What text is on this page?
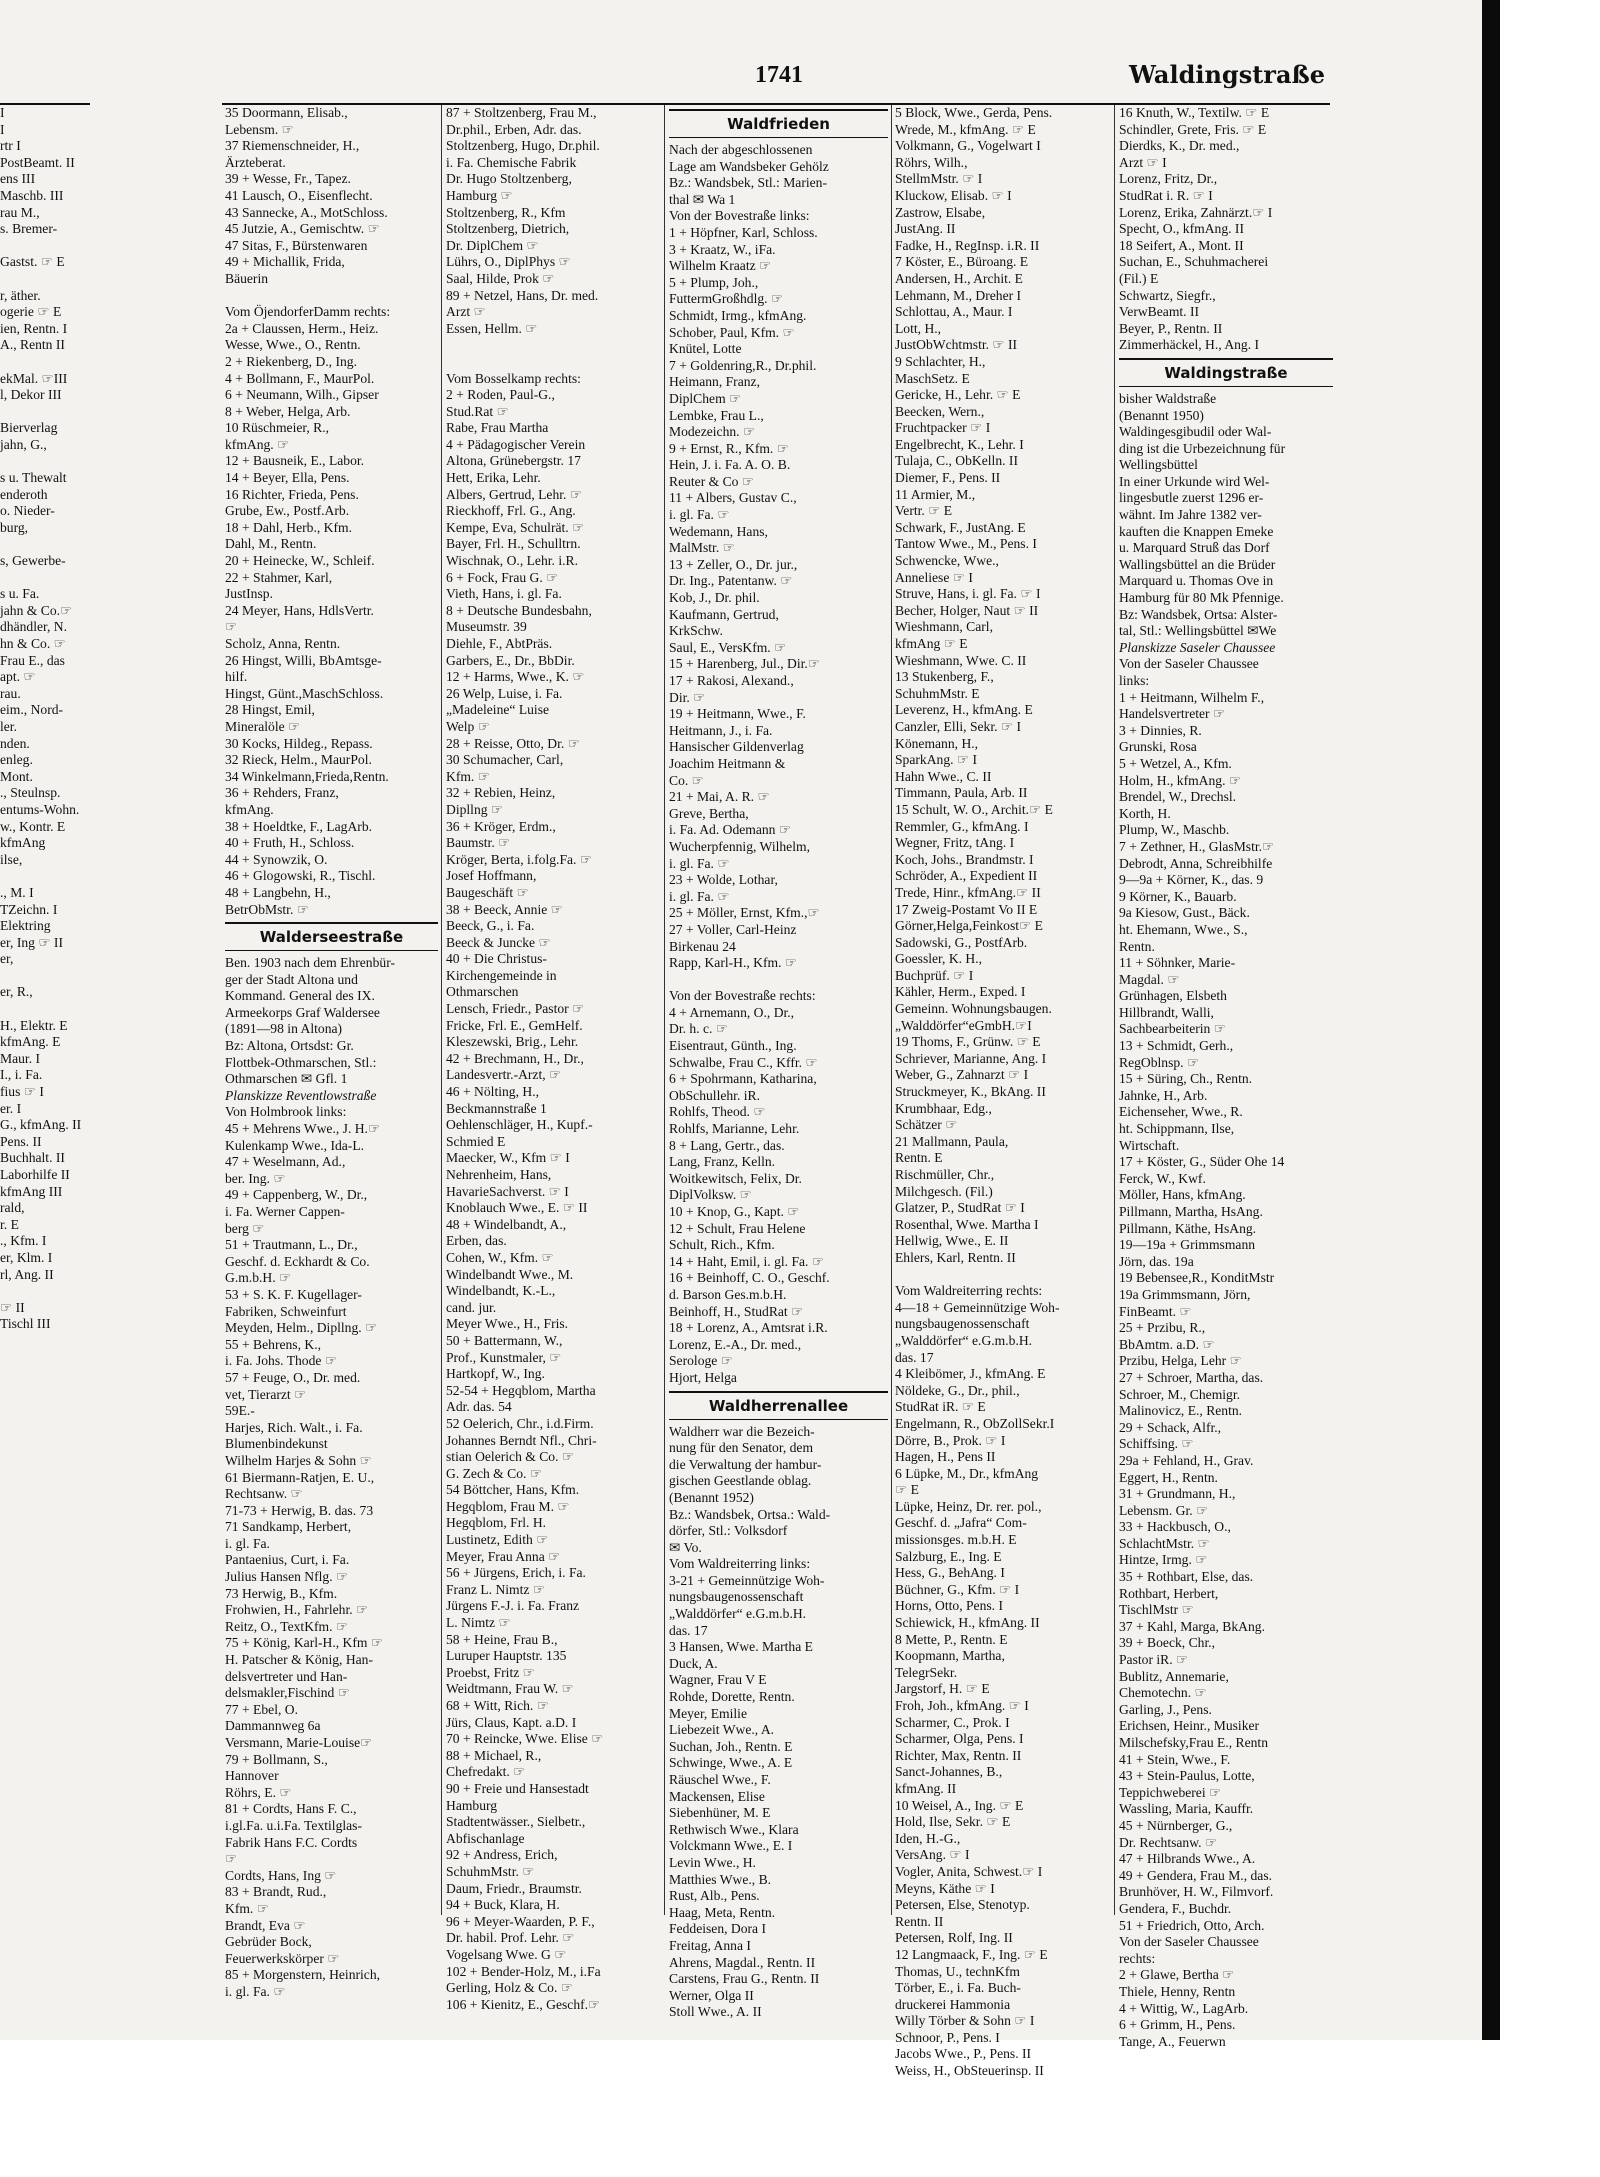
1741	Waldingstraße
I
I
rtr I
PostBeamt. II
ens III
Maschb. III
rau M.,
s. Bremer-
Gastst. ☞ E
r, äther.
ogerie ☞ E
ien, Rentn. I
A., Rentn II
ekMal. ☞III
l, Dekor III
Bierverlag
jahn, G.,
s u. Thewalt
enderoth
o. Nieder-
burg,
s, Gewerbe-
s u. Fa.
jahn & Co.☞
dhändler, N.
hn & Co. ☞
Frau E., das
apt. ☞
rau.
eim., Nord-
ler.
nden.
enleg.
Mont.
., Steulnsp.
entums-Wohn.
w., Kontr. E
kfmAng
ilse,
., M. I
TZeichn. I
Elektring
er, Ing ☞ II
er,
er, R.,
H., Elektr. E
kfmAng. E
Maur. I
I., i. Fa.
fius ☞ I
er. I
G., kfmAng. II
Pens. II
Buchhalt. II
Laborhilfe II
kfmAng III
rald,
r. E
., Kfm. I
er, Klm. I
rl, Ang. II
☞ II
Tischl III
35 Doormann, Elisab.,
Lebensm. ☞
37 Riemenschneider, H.,
Ärzteberat.
39 + Wesse, Fr., Tapez.
41 Lausch, O., Eisenflecht.
43 Sannecke, A., MotSchloss.
45 Jutzie, A., Gemischtw. ☞
47 Sitas, F., Bürstenwaren
49 + Michallik, Frida,
Bäuerin
Vom ÖjendorferDamm rechts:
2a + Claussen, Herm., Heiz.
Wesse, Wwe., O., Rentn.
2 + Riekenberg, D., Ing.
4 + Bollmann, F., MaurPol.
6 + Neumann, Wilh., Gipser
8 + Weber, Helga, Arb.
10 Rüschmeier, R.,
kfmAng. ☞
12 + Bausneik, E., Labor.
14 + Beyer, Ella, Pens.
16 Richter, Frieda, Pens.
Grube, Ew., Postf.Arb.
18 + Dahl, Herb., Kfm.
Dahl, M., Rentn.
20 + Heinecke, W., Schleif.
22 + Stahmer, Karl,
JustInsp.
24 Meyer, Hans, HdlsVertr.
☞
Scholz, Anna, Rentn.
26 Hingst, Willi, BbAmtsge-
hilf.
Hingst, Günt.,MaschSchloss.
28 Hingst, Emil,
Mineralöle ☞
30 Kocks, Hildeg., Repass.
32 Rieck, Helm., MaurPol.
34 Winkelmann,Frieda,Rentn.
36 + Rehders, Franz,
kfmAng.
38 + Hoeldtke, F., LagArb.
40 + Fruth, H., Schloss.
44 + Synowzik, O.
46 + Glogowski, R., Tischl.
48 + Langbehn, H.,
BetrObMstr. ☞
Walderseestraße
Ben. 1903 nach dem Ehrenbür-
ger der Stadt Altona und
Kommand. General des IX.
Armeekorps Graf Waldersee
(1891—98 in Altona)
Bz: Altona, Ortsdst: Gr.
Flottbek-Othmarschen, Stl.:
Othmarschen ✉ Gfl. 1
Planskizze Reventlowstraße
Von Holmbrook links:
45 + Mehrens Wwe., J. H.☞
Kulenkamp Wwe., Ida-L.
47 + Weselmann, Ad.,
ber. Ing. ☞
49 + Cappenberg, W., Dr.,
i. Fa. Werner Cappen-
berg ☞
51 + Trautmann, L., Dr.,
Geschf. d. Eckhardt & Co.
G.m.b.H. ☞
53 + S. K. F. Kugellager-
Fabriken, Schweinfurt
Meyden, Helm., Dipllng. ☞
55 + Behrens, K.,
i. Fa. Johs. Thode ☞
57 + Feuge, O., Dr. med.
vet, Tierarzt ☞
59E.-
Harjes, Rich. Walt., i. Fa.
Blumenbindekunst
Wilhelm Harjes & Sohn ☞
61 Biermann-Ratjen, E. U.,
Rechtsanw. ☞
71-73 + Herwig, B. das. 73
71 Sandkamp, Herbert,
i. gl. Fa.
Pantaenius, Curt, i. Fa.
Julius Hansen Nflg. ☞
73 Herwig, B., Kfm.
Frohwien, H., Fahrlehr. ☞
Reitz, O., TextKfm. ☞
75 + König, Karl-H., Kfm ☞
H. Patscher & König, Han-
delsvertreter und Han-
delsmakler,Fischind ☞
77 + Ebel, O.
Dammannweg 6a
Versmann, Marie-Louise☞
79 + Bollmann, S.,
Hannover
Röhrs, E. ☞
81 + Cordts, Hans F. C.,
i.gl.Fa. u.i.Fa. Textilglas-
Fabrik Hans F.C. Cordts
☞
Cordts, Hans, Ing ☞
83 + Brandt, Rud.,
Kfm. ☞
Brandt, Eva ☞
Gebrüder Bock,
Feuerwerkskörper ☞
85 + Morgenstern, Heinrich,
i. gl. Fa. ☞
87 + Stoltzenberg, Frau M.,
Dr.phil., Erben, Adr. das.
Stoltzenberg, Hugo, Dr.phil.
i. Fa. Chemische Fabrik
Dr. Hugo Stoltzenberg,
Hamburg ☞
Stoltzenberg, R., Kfm
Stoltzenberg, Dietrich,
Dr. DiplChem ☞
Lührs, O., DiplPhys ☞
Saal, Hilde, Prok ☞
89 + Netzel, Hans, Dr. med.
Arzt ☞
Essen, Hellm. ☞
Vom Bosselkamp rechts:
2 + Roden, Paul-G.,
Stud.Rat ☞
Rabe, Frau Martha
4 + Pädagogischer Verein
Altona, Grünebergstr. 17
Hett, Erika, Lehr.
Albers, Gertrud, Lehr. ☞
Rieckhoff, Frl. G., Ang.
Kempe, Eva, Schulrät. ☞
Bayer, Frl. H., Schulltrn.
Wischnak, O., Lehr. i.R.
6 + Fock, Frau G. ☞
Vieth, Hans, i. gl. Fa.
8 + Deutsche Bundesbahn,
Museumstr. 39
Diehle, F., AbtPräs.
Garbers, E., Dr., BbDir.
12 + Harms, Wwe., K. ☞
26 Welp, Luise, i. Fa.
„Madeleine“ Luise
Welp ☞
28 + Reisse, Otto, Dr. ☞
30 Schumacher, Carl,
Kfm. ☞
32 + Rebien, Heinz,
Dipllng ☞
36 + Kröger, Erdm.,
Baumstr. ☞
Kröger, Berta, i.folg.Fa. ☞
Josef Hoffmann,
Baugeschäft ☞
38 + Beeck, Annie ☞
Beeck, G., i. Fa.
Beeck & Juncke ☞
40 + Die Christus-
Kirchengemeinde in
Othmarschen
Lensch, Friedr., Pastor ☞
Fricke, Frl. E., GemHelf.
Kleszewski, Brig., Lehr.
42 + Brechmann, H., Dr.,
Landesvertr.-Arzt, ☞
46 + Nölting, H.,
Beckmannstraße 1
Oehlenschläger, H., Kupf.-
Schmied E
Maecker, W., Kfm ☞ I
Nehrenheim, Hans,
HavarieSachverst. ☞ I
Knoblauch Wwe., E. ☞ II
48 + Windelbandt, A.,
Erben, das.
Cohen, W., Kfm. ☞
Windelbandt Wwe., M.
Windelbandt, K.-L.,
cand. jur.
Meyer Wwe., H., Fris.
50 + Battermann, W.,
Prof., Kunstmaler, ☞
Hartkopf, W., Ing.
52-54 + Hegqblom, Martha
Adr. das. 54
52 Oelerich, Chr., i.d.Firm.
Johannes Berndt Nfl., Chri-
stian Oelerich & Co. ☞
G. Zech & Co. ☞
54 Böttcher, Hans, Kfm.
Hegqblom, Frau M. ☞
Hegqblom, Frl. H.
Lustinetz, Edith ☞
Meyer, Frau Anna ☞
56 + Jürgens, Erich, i. Fa.
Franz L. Nimtz ☞
Jürgens F.-J. i. Fa. Franz
L. Nimtz ☞
58 + Heine, Frau B.,
Luruper Hauptstr. 135
Proebst, Fritz ☞
Weidtmann, Frau W. ☞
68 + Witt, Rich. ☞
Jürs, Claus, Kapt. a.D. I
70 + Reincke, Wwe. Elise ☞
88 + Michael, R.,
Chefredakt. ☞
90 + Freie und Hansestadt
Hamburg
Stadtentwässer., Sielbetr.,
Abfischanlage
92 + Andress, Erich,
SchuhmMstr. ☞
Daum, Friedr., Braumstr.
94 + Buck, Klara, H.
96 + Meyer-Waarden, P. F.,
Dr. habil. Prof. Lehr. ☞
Vogelsang Wwe. G ☞
102 + Bender-Holz, M., i.Fa
Gerling, Holz & Co. ☞
106 + Kienitz, E., Geschf.☞
Waldfrieden
Nach der abgeschlossenen
Lage am Wandsbeker Gehölz
Bz.: Wandsbek, Stl.: Marien-
thal ✉ Wa 1
Von der Bovestraße links:
1 + Höpfner, Karl, Schloss.
3 + Kraatz, W., iFa.
Wilhelm Kraatz ☞
5 + Plump, Joh.,
FuttermGroßhdlg. ☞
Schmidt, Irmg., kfmAng.
Schober, Paul, Kfm. ☞
Knütel, Lotte
7 + Goldenring,R., Dr.phil.
Heimann, Franz,
DiplChem ☞
Lembke, Frau L.,
Modezeichn. ☞
9 + Ernst, R., Kfm. ☞
Hein, J. i. Fa. A. O. B.
Reuter & Co ☞
11 + Albers, Gustav C.,
i. gl. Fa. ☞
Wedemann, Hans,
MalMstr. ☞
13 + Zeller, O., Dr. jur.,
Dr. Ing., Patentanw. ☞
Kob, J., Dr. phil.
Kaufmann, Gertrud,
KrkSchw.
Saul, E., VersKfm. ☞
15 + Harenberg, Jul., Dir.☞
17 + Rakosi, Alexand.,
Dir. ☞
19 + Heitmann, Wwe., F.
Heitmann, J., i. Fa.
Hansischer Gildenverlag
Joachim Heitmann &
Co. ☞
21 + Mai, A. R. ☞
Greve, Bertha,
i. Fa. Ad. Odemann ☞
Wucherpfennig, Wilhelm,
i. gl. Fa. ☞
23 + Wolde, Lothar,
i. gl. Fa. ☞
25 + Möller, Ernst, Kfm.,☞
27 + Voller, Carl-Heinz
Birkenau 24
Rapp, Karl-H., Kfm. ☞
Von der Bovestraße rechts:
4 + Arnemann, O., Dr.,
Dr. h. c. ☞
Eisentraut, Günth., Ing.
Schwalbe, Frau C., Kffr. ☞
6 + Spohrmann, Katharina,
ObSchullehr. iR.
Rohlfs, Theod. ☞
Rohlfs, Marianne, Lehr.
8 + Lang, Gertr., das.
Lang, Franz, Kelln.
Woitkewitsch, Felix, Dr.
DiplVolksw. ☞
10 + Knop, G., Kapt. ☞
12 + Schult, Frau Helene
Schult, Rich., Kfm.
14 + Haht, Emil, i. gl. Fa. ☞
16 + Beinhoff, C. O., Geschf.
d. Barson Ges.m.b.H.
Beinhoff, H., StudRat ☞
18 + Lorenz, A., Amtsrat i.R.
Lorenz, E.-A., Dr. med.,
Serologe ☞
Hjort, Helga
Waldherrenallee
Waldherr war die Bezeich-
nung für den Senator, dem
die Verwaltung der hambur-
gischen Geestlande oblag.
(Benannt 1952)
Bz.: Wandsbek, Ortsa.: Wald-
dörfer, Stl.: Volksdorf
✉ Vo.
Vom Waldreiterring links:
3-21 + Gemeinnützige Woh-
nungsbaugenossenschaft
„Walddörfer“ e.G.m.b.H.
das. 17
3 Hansen, Wwe. Martha E
Duck, A.
Wagner, Frau V E
Rohde, Dorette, Rentn.
Meyer, Emilie
Liebezeit Wwe., A.
Suchan, Joh., Rentn. E
Schwinge, Wwe., A. E
Räuschel Wwe., F.
Mackensen, Elise
Siebenhüner, M. E
Rethwisch Wwe., Klara
Volckmann Wwe., E. I
Levin Wwe., H.
Matthies Wwe., B.
Rust, Alb., Pens.
Haag, Meta, Rentn.
Feddeisen, Dora I
Freitag, Anna I
Ahrens, Magdal., Rentn. II
Carstens, Frau G., Rentn. II
Werner, Olga II
Stoll Wwe., A. II
5 Block, Wwe., Gerda, Pens.
Wrede, M., kfmAng. ☞ E
Volkmann, G., Vogelwart I
Röhrs, Wilh.,
StellmMstr. ☞ I
Kluckow, Elisab. ☞ I
Zastrow, Elsabe,
JustAng. II
Fadke, H., RegInsp. i.R. II
7 Köster, E., Büroang. E
Andersen, H., Archit. E
Lehmann, M., Dreher I
Schlottau, A., Maur. I
Lott, H.,
JustObWchtmstr. ☞ II
9 Schlachter, H.,
MaschSetz. E
Gericke, H., Lehr. ☞ E
Beecken, Wern.,
Fruchtpacker ☞ I
Engelbrecht, K., Lehr. I
Tulaja, C., ObKelln. II
Diemer, F., Pens. II
11 Armier, M.,
Vertr. ☞ E
Schwark, F., JustAng. E
Tantow Wwe., M., Pens. I
Schwencke, Wwe.,
Anneliese ☞ I
Struve, Hans, i. gl. Fa. ☞ I
Becher, Holger, Naut ☞ II
Wieshmann, Carl,
kfmAng ☞ E
Wieshmann, Wwe. C. II
13 Stukenberg, F.,
SchuhmMstr. E
Leverenz, H., kfmAng. E
Canzler, Elli, Sekr. ☞ I
Könemann, H.,
SparkAng. ☞ I
Hahn Wwe., C. II
Timmann, Paula, Arb. II
15 Schult, W. O., Archit.☞ E
Remmler, G., kfmAng. I
Wegner, Fritz, tAng. I
Koch, Johs., Brandmstr. I
Schröder, A., Expedient II
Trede, Hinr., kfmAng.☞ II
17 Zweig-Postamt Vo II E
Görner,Helga,Feinkost☞ E
Sadowski, G., PostfArb.
Goessler, K. H.,
Buchprüf. ☞ I
Kähler, Herm., Exped. I
Gemeinn. Wohnungsbaugen.
„Walddörfer“eGmbH.☞I
19 Thoms, F., Grünw. ☞ E
Schriever, Marianne, Ang. I
Weber, G., Zahnarzt ☞ I
Struckmeyer, K., BkAng. II
Krumbhaar, Edg.,
Schätzer ☞
21 Mallmann, Paula,
Rentn. E
Rischmüller, Chr.,
Milchgesch. (Fil.)
Glatzer, P., StudRat ☞ I
Rosenthal, Wwe. Martha I
Hellwig, Wwe., E. II
Ehlers, Karl, Rentn. II
Vom Waldreiterring rechts:
4—18 + Gemeinnützige Woh-
nungsbaugenossenschaft
„Walddörfer“ e.G.m.b.H.
das. 17
4 Kleibömer, J., kfmAng. E
Nöldeke, G., Dr., phil.,
StudRat iR. ☞ E
Engelmann, R., ObZollSekr.I
Dörre, B., Prok. ☞ I
Hagen, H., Pens II
6 Lüpke, M., Dr., kfmAng
☞ E
Lüpke, Heinz, Dr. rer. pol.,
Geschf. d. „Jafra“ Com-
missionsges. m.b.H. E
Salzburg, E., Ing. E
Hess, G., BehAng. I
Büchner, G., Kfm. ☞ I
Horns, Otto, Pens. I
Schiewick, H., kfmAng. II
8 Mette, P., Rentn. E
Koopmann, Martha,
TelegrSekr.
Jargstorf, H. ☞ E
Froh, Joh., kfmAng. ☞ I
Scharmer, C., Prok. I
Scharmer, Olga, Pens. I
Richter, Max, Rentn. II
Sanct-Johannes, B.,
kfmAng. II
10 Weisel, A., Ing. ☞ E
Hold, Ilse, Sekr. ☞ E
Iden, H.-G.,
VersAng. ☞ I
Vogler, Anita, Schwest.☞ I
Meyns, Käthe ☞ I
Petersen, Else, Stenotyp.
Rentn. II
Petersen, Rolf, Ing. II
12 Langmaack, F., Ing. ☞ E
Thomas, U., technKfm
Törber, E., i. Fa. Buch-
druckerei Hammonia
Willy Törber & Sohn ☞ I
Schnoor, P., Pens. I
Jacobs Wwe., P., Pens. II
Weiss, H., ObSteuerinsp. II
16 Knuth, W., Textilw. ☞ E
Schindler, Grete, Fris. ☞ E
Dierdks, K., Dr. med.,
Arzt ☞ I
Lorenz, Fritz, Dr.,
StudRat i. R. ☞ I
Lorenz, Erika, Zahnärzt.☞ I
Specht, O., kfmAng. II
18 Seifert, A., Mont. II
Suchan, E., Schuhmacherei
(Fil.) E
Schwartz, Siegfr.,
VerwBeamt. II
Beyer, P., Rentn. II
Zimmerhäckel, H., Ang. I
Waldingstraße
bisher Waldstraße
(Benannt 1950)
Waldingesgibudil oder Wal-
ding ist die Urbezeichnung für
Wellingsbüttel
In einer Urkunde wird Wel-
lingesbutle zuerst 1296 er-
wähnt. Im Jahre 1382 ver-
kauften die Knappen Emeke
u. Marquard Struß das Dorf
Wallingsbüttel an die Brüder
Marquard u. Thomas Ove in
Hamburg für 80 Mk Pfennige.
Bz: Wandsbek, Ortsa: Alster-
tal, Stl.: Wellingsbüttel ✉We
Planskizze Saseler Chaussee
Von der Saseler Chaussee
links:
1 + Heitmann, Wilhelm F.,
Handelsvertreter ☞
3 + Dinnies, R.
Grunski, Rosa
5 + Wetzel, A., Kfm.
Holm, H., kfmAng. ☞
Brendel, W., Drechsl.
Korth, H.
Plump, W., Maschb.
7 + Zethner, H., GlasMstr.☞
Debrodt, Anna, Schreibhilfe
9—9a + Körner, K., das. 9
9 Körner, K., Bauarb.
9a Kiesow, Gust., Bäck.
ht. Ehemann, Wwe., S.,
Rentn.
11 + Söhnker, Marie-
Magdal. ☞
Grünhagen, Elsbeth
Hillbrandt, Walli,
Sachbearbeiterin ☞
13 + Schmidt, Gerh.,
RegOblnsp. ☞
15 + Süring, Ch., Rentn.
Jahnke, H., Arb.
Eichenseher, Wwe., R.
ht. Schippmann, Ilse,
Wirtschaft.
17 + Köster, G., Süder Ohe 14
Ferck, W., Kwf.
Möller, Hans, kfmAng.
Pillmann, Martha, HsAng.
Pillmann, Käthe, HsAng.
19—19a + Grimmsmann
Jörn, das. 19a
19 Bebensee,R., KonditMstr
19a Grimmsmann, Jörn,
FinBeamt. ☞
25 + Przibu, R.,
BbAmtm. a.D. ☞
Przibu, Helga, Lehr ☞
27 + Schroer, Martha, das.
Schroer, M., Chemigr.
Malinovicz, E., Rentn.
29 + Schack, Alfr.,
Schiffsing. ☞
29a + Fehland, H., Grav.
Eggert, H., Rentn.
31 + Grundmann, H.,
Lebensm. Gr. ☞
33 + Hackbusch, O.,
SchlachtMstr. ☞
Hintze, Irmg. ☞
35 + Rothbart, Else, das.
Rothbart, Herbert,
TischlMstr ☞
37 + Kahl, Marga, BkAng.
39 + Boeck, Chr.,
Pastor iR. ☞
Bublitz, Annemarie,
Chemotechn. ☞
Garling, J., Pens.
Erichsen, Heinr., Musiker
Milschefsky,Frau E., Rentn
41 + Stein, Wwe., F.
43 + Stein-Paulus, Lotte,
Teppichweberei ☞
Wassling, Maria, Kauffr.
45 + Nürnberger, G.,
Dr. Rechtsanw. ☞
47 + Hilbrands Wwe., A.
49 + Gendera, Frau M., das.
Brunhöver, H. W., Filmvorf.
Gendera, F., Buchdr.
51 + Friedrich, Otto, Arch.
Von der Saseler Chaussee
rechts:
2 + Glawe, Bertha ☞
Thiele, Henny, Rentn
4 + Wittig, W., LagArb.
6 + Grimm, H., Pens.
Tange, A., Feuerwn
